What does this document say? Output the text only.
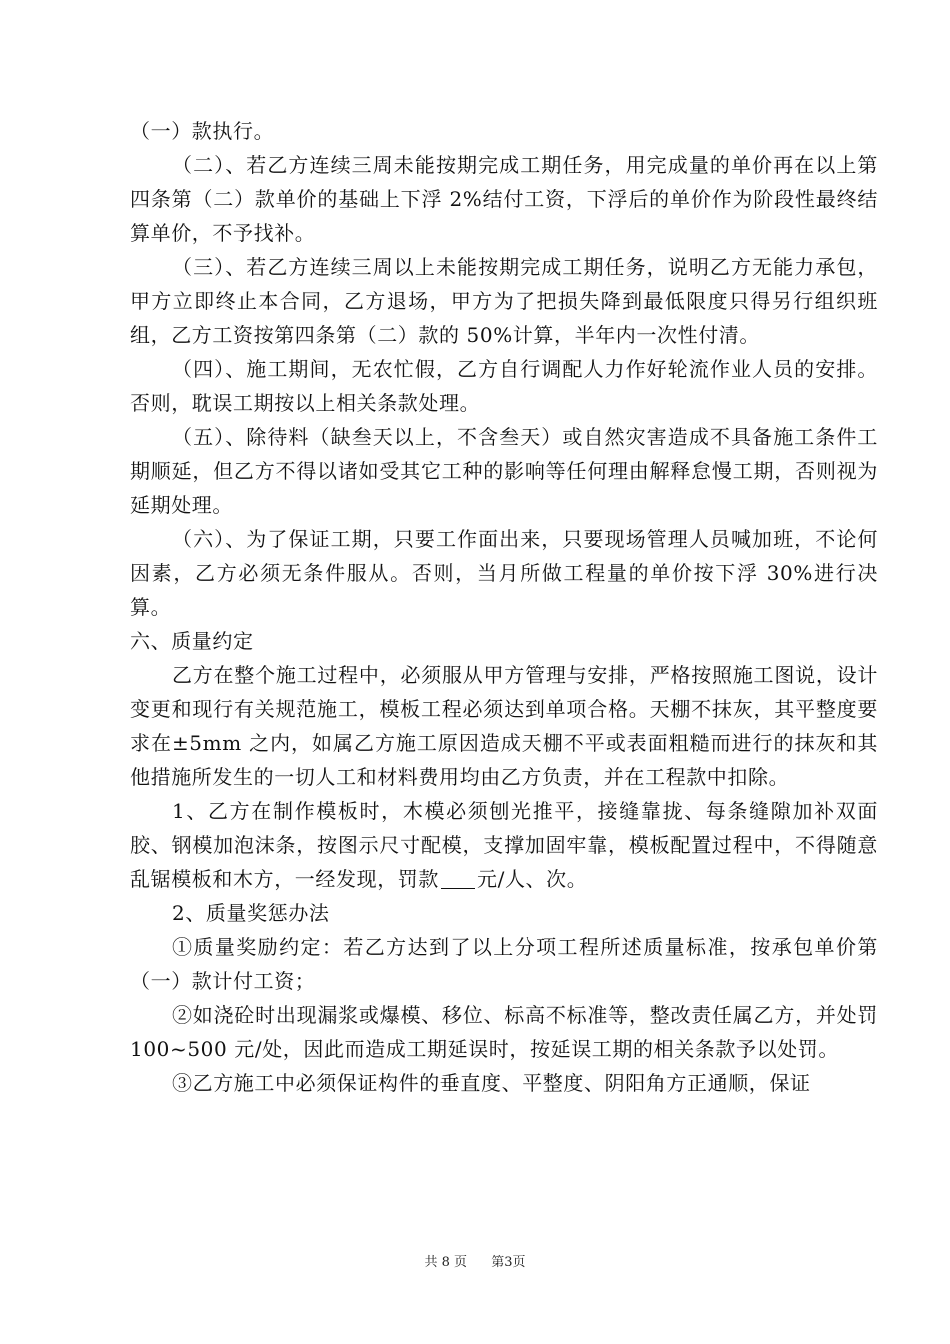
（一）款执行。

（二）、若乙方连续三周未能按期完成工期任务，用完成量的单价再在以上第四条第（二）款单价的基础上下浮 2%结付工资，下浮后的单价作为阶段性最终结算单价，不予找补。

（三）、若乙方连续三周以上未能按期完成工期任务，说明乙方无能力承包，甲方立即终止本合同，乙方退场，甲方为了把损失降到最低限度只得另行组织班组，乙方工资按第四条第（二）款的 50%计算，半年内一次性付清。

（四）、施工期间，无农忙假，乙方自行调配人力作好轮流作业人员的安排。否则，耽误工期按以上相关条款处理。

（五）、除待料（缺叁天以上，不含叁天）或自然灾害造成不具备施工条件工期顺延，但乙方不得以诸如受其它工种的影响等任何理由解释怠慢工期，否则视为延期处理。

（六）、为了保证工期，只要工作面出来，只要现场管理人员喊加班，不论何因素，乙方必须无条件服从。否则，当月所做工程量的单价按下浮 30%进行决算。

六、质量约定

乙方在整个施工过程中，必须服从甲方管理与安排，严格按照施工图说，设计变更和现行有关规范施工，模板工程必须达到单项合格。天棚不抹灰，其平整度要求在±5mm 之内，如属乙方施工原因造成天棚不平或表面粗糙而进行的抹灰和其他措施所发生的一切人工和材料费用均由乙方负责，并在工程款中扣除。

1、乙方在制作模板时，木模必须刨光推平，接缝靠拢、每条缝隙加补双面胶、钢模加泡沫条，按图示尺寸配模，支撑加固牢靠，模板配置过程中，不得随意乱锯模板和木方，一经发现，罚款 元/人、次。

2、质量奖惩办法

①质量奖励约定：若乙方达到了以上分项工程所述质量标准，按承包单价第（一）款计付工资；

②如浇砼时出现漏浆或爆模、移位、标高不标准等，整改责任属乙方，并处罚 100~500 元/处，因此而造成工期延误时，按延误工期的相关条款予以处罚。

③乙方施工中必须保证构件的垂直度、平整度、阴阳角方正通顺，保证

共 8 页 第3页
